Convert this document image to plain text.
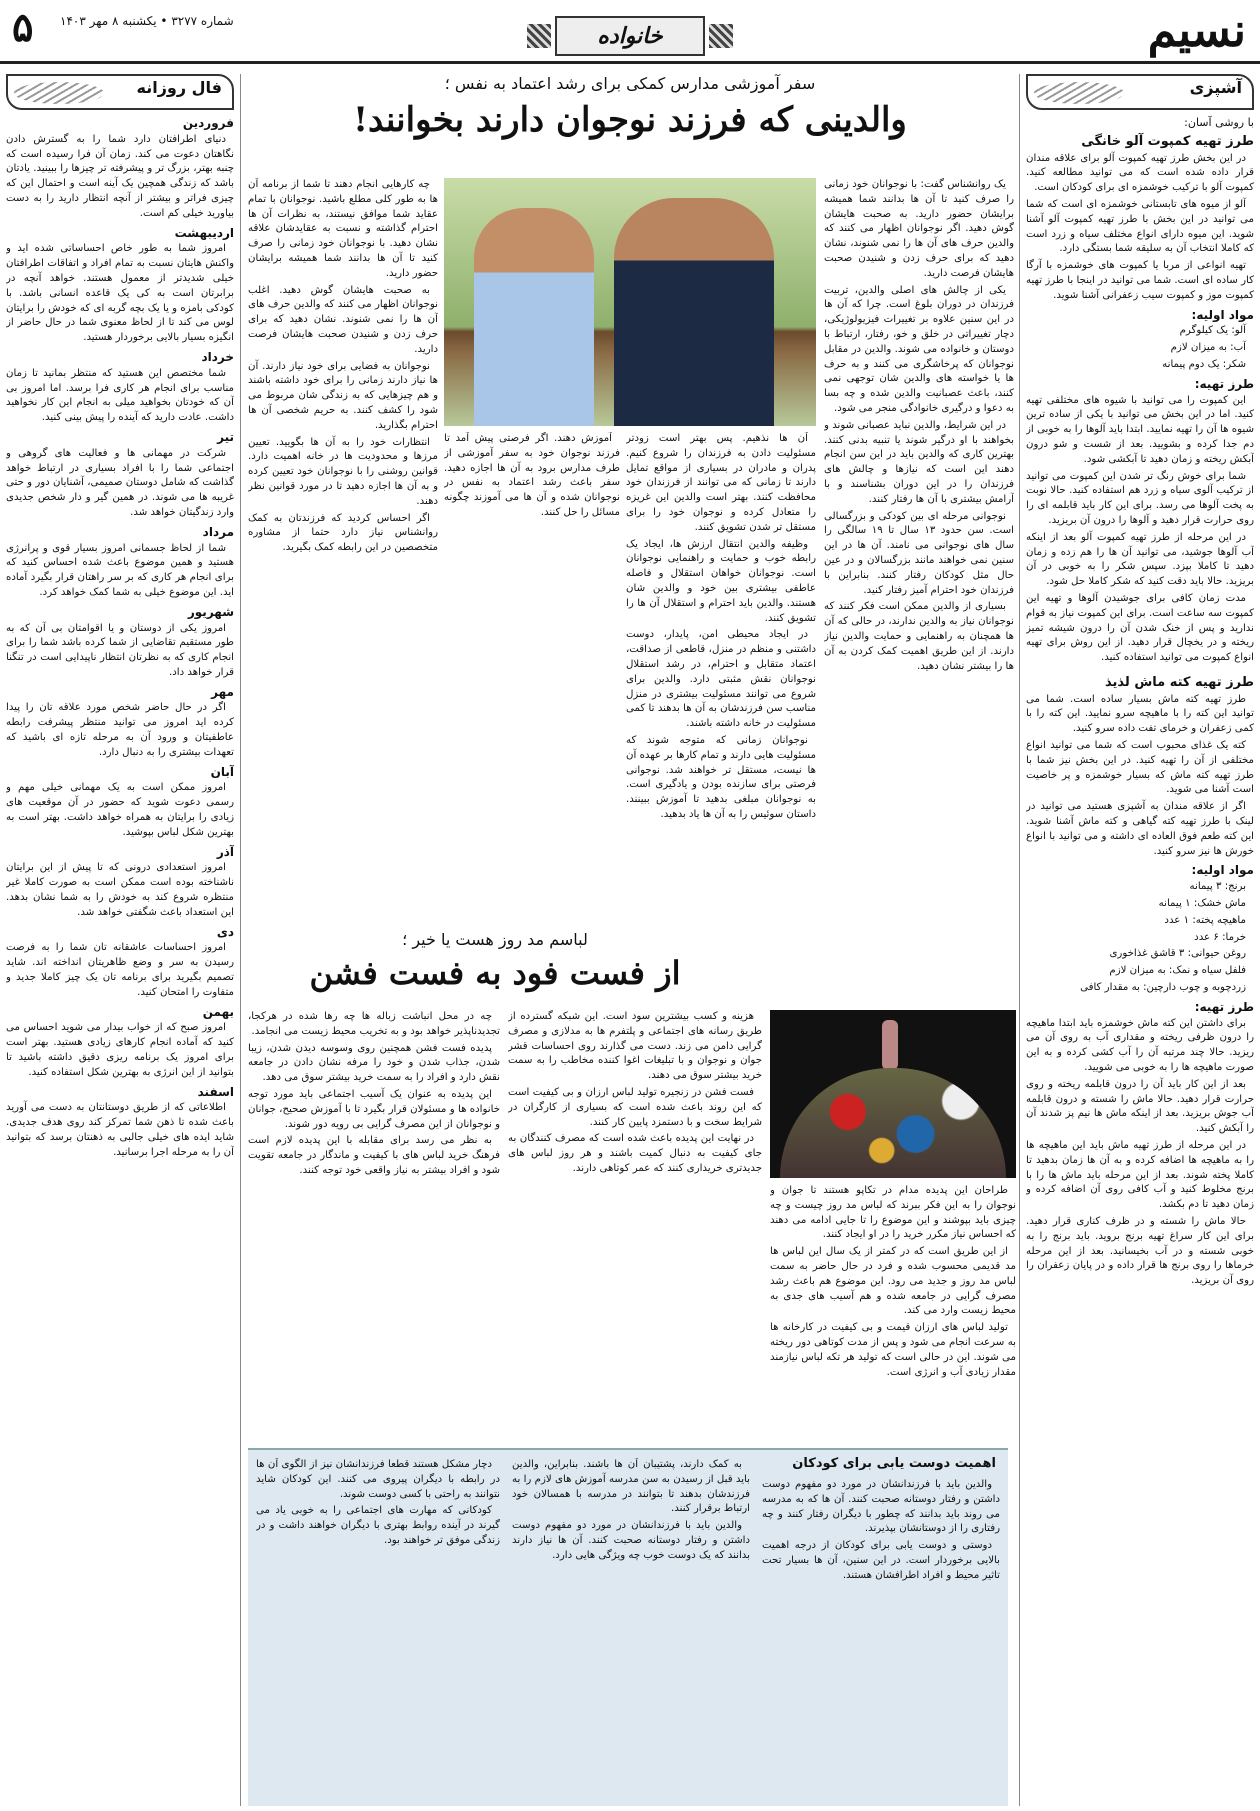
نسیم
خانواده
شماره ۳۲۷۷ • یکشنبه ۸ مهر ۱۴۰۳
۵
آشپزی

با روشی آسان:

طرز تهیه کمپوت آلو خانگی

در این بخش طرز تهیه کمپوت آلو برای علاقه مندان قرار داده شده است که می توانید مطالعه کنید. کمپوت آلو با ترکیب خوشمزه ای برای کودکان است.

آلو از میوه های تابستانی خوشمزه ای است که شما می توانید در این بخش با طرز تهیه کمپوت آلو آشنا شوید. این میوه دارای انواع مختلف سیاه و زرد است که کاملا انتخاب آن به سلیقه شما بستگی دارد.

تهیه انواعی از مربا یا کمپوت های خوشمزه با آرگا کار ساده ای است. شما می توانید در اینجا با طرز تهیه کمپوت موز و کمپوت سیب زعفرانی آشنا شوید.

مواد اولیه:

آلو: یک کیلوگرم

آب: به میزان لازم

شکر: یک دوم پیمانه

طرز تهیه:

این کمپوت را می توانید با شیوه های مختلفی تهیه کنید. اما در این بخش می توانید با یکی از ساده ترین شیوه ها آن را تهیه نمایید. ابتدا باید آلوها را به خوبی از دم جدا کرده و بشویید. بعد از شست و شو درون آبکش ریخته و زمان دهید تا آبکشی شود.

شما برای خوش رنگ تر شدن این کمپوت می توانید از ترکیب آلوی سیاه و زرد هم استفاده کنید. حالا نوبت به پخت آلوها می رسد. برای این کار باید قابلمه ای را روی حرارت قرار دهید و آلوها را درون آن بریزید.

در این مرحله از طرز تهیه کمپوت آلو بعد از اینکه آب آلوها جوشید، می توانید آن ها را هم زده و زمان دهید تا کاملا بپزد. سپس شکر را به خوبی در آن بریزید. حالا باید دقت کنید که شکر کاملا حل شود.

مدت زمان کافی برای جوشیدن آلوها و تهیه این کمپوت سه ساعت است. برای این کمپوت نیاز به قوام ندارید و پس از خنک شدن آن را درون شیشه تمیز ریخته و در یخچال قرار دهید. از این روش برای تهیه انواع کمپوت می توانید استفاده کنید.

طرز تهیه کته ماش لذیذ

طرز تهیه کته ماش بسیار ساده است. شما می توانید این کته را با ماهیچه سرو نمایید. این کته را با کمی زعفران و خرمای تفت داده سرو کنید.

کته یک غذای محبوب است که شما می توانید انواع مختلفی از آن را تهیه کنید. در این بخش نیز شما با طرز تهیه کته ماش که بسیار خوشمزه و پر خاصیت است آشنا می شوید.

اگر از علاقه مندان به آشپزی هستید می توانید در لینک با طرز تهیه کته گیاهی و کته ماش آشنا شوید. این کته طعم فوق العاده ای داشته و می توانید با انواع خورش ها نیز سرو کنید.

مواد اولیه:

برنج: ۳ پیمانه

ماش خشک: ۱ پیمانه

ماهیچه پخته: ۱ عدد

خرما: ۶ عدد

روغن حیوانی: ۳ قاشق غذاخوری

فلفل سیاه و نمک: به میزان لازم

زردچوبه و چوب دارچین: به مقدار کافی

طرز تهیه:

برای داشتن این کته ماش خوشمزه باید ابتدا ماهیچه را درون ظرفی ریخته و مقداری آب به روی آن می ریزید. حالا چند مرتبه آن را آب کشی کرده و به این صورت ماهیچه ها را به خوبی می شویید.

بعد از این کار باید آن را درون قابلمه ریخته و روی حرارت قرار دهید. حالا ماش را شسته و درون قابلمه آب جوش بریزید. بعد از اینکه ماش ها نیم پز شدند آن را آبکش کنید.

در این مرحله از طرز تهیه ماش باید این ماهیچه ها را به ماهیچه ها اضافه کرده و به آن ها زمان بدهید تا کاملا پخته شوند. بعد از این مرحله باید ماش ها را با برنج مخلوط کنید و آب کافی روی آن اضافه کرده و زمان دهید تا دم بکشد.

حالا ماش را شسته و در ظرف کناری قرار دهید. برای این کار سراغ تهیه برنج بروید. باید برنج را به خوبی شسته و در آب بخیسانید. بعد از این مرحله خرماها را روی برنج ها قرار داده و در پایان زعفران را روی آن بریزید.

فال روزانه

فروردین

دنیای اطرافتان دارد شما را به گسترش دادن نگاهتان دعوت می کند. زمان آن فرا رسیده است که چنبه بهتر، بزرگ تر و پیشرفته تر چیزها را ببینید. یادتان باشد که زندگی همچین یک آینه است و احتمال این که چیزی فراتر و بیشتر از آنچه انتظار دارید را به دست بیاورید خیلی کم است.

اردیبهشت

امروز شما به طور خاص احساساتی شده اید و واکنش هایتان نسبت به تمام افراد و اتفاقات اطرافتان خیلی شدیدتر از معمول هستند. خواهد آنچه در برابرتان است به کی یک قاعده انسانی باشد. با کودکی بامزه و یا یک بچه گربه ای که خودش را برایتان لوس می کند تا از لحاظ معنوی شما در حال حاضر از انگیزه بسیار بالایی برخوردار هستید.

خرداد

شما مختصص این هستید که منتظر بمانید تا زمان مناسب برای انجام هر کاری فرا برسد. اما امروز بی آن که خودتان بخواهید میلی به انجام این کار نخواهید داشت. عادت دارید که آینده را پیش بینی کنید.

تیر

شرکت در مهمانی ها و فعالیت های گروهی و اجتماعی شما را با افراد بسیاری در ارتباط خواهد گذاشت که شامل دوستان صمیمی، آشنایان دور و حتی غریبه ها می شوند. در همین گیر و دار شخص جدیدی وارد زندگیتان خواهد شد.

مرداد

شما از لحاظ جسمانی امروز بسیار قوی و پرانرژی هستید و همین موضوع باعث شده احساس کنید که برای انجام هر کاری که بر سر راهتان قرار بگیرد آماده اید. این موضوع خیلی به شما کمک خواهد کرد.

شهریور

امروز یکی از دوستان و یا اقوامتان بی آن که به طور مستقیم تقاضایی از شما کرده باشد شما را برای انجام کاری که به نظرتان انتظار ناپیدایی است در تنگنا قرار خواهد داد.

مهر

اگر در حال حاضر شخص مورد علاقه تان را پیدا کرده اید امروز می توانید منتظر پیشرفت رابطه عاطفیتان و ورود آن به مرحله تازه ای باشید که تعهدات بیشتری را به دنبال دارد.

آبان

امروز ممکن است به یک مهمانی خیلی مهم و رسمی دعوت شوید که حضور در آن موقعیت های زیادی را برایتان به همراه خواهد داشت. بهتر است به بهترین شکل لباس بپوشید.

آذر

امروز استعدادی درونی که تا پیش از این برایتان ناشناخته بوده است ممکن است به صورت کاملا غیر منتظره شروع کند به خودش را به شما نشان بدهد. این استعداد باعث شگفتی خواهد شد.

دی

امروز احساسات عاشقانه تان شما را به فرصت رسیدن به سر و وضع ظاهریتان انداخته اند. شاید تصمیم بگیرید برای برنامه تان یک چیز کاملا جدید و متفاوت را امتحان کنید.

بهمن

امروز صبح که از خواب بیدار می شوید احساس می کنید که آماده انجام کارهای زیادی هستید. بهتر است برای امروز یک برنامه ریزی دقیق داشته باشید تا بتوانید از این انرژی به بهترین شکل استفاده کنید.

اسفند

اطلاعاتی که از طریق دوستانتان به دست می آورید باعث شده تا ذهن شما تمرکز کند روی هدف جدیدی. شاید ایده های خیلی جالبی به ذهنتان برسد که بتوانید آن را به مرحله اجرا برسانید.

سفر آموزشی مدارس کمکی برای رشد اعتماد به نفس ؛
والدینی که فرزند نوجوان دارند بخوانند!

یک روانشناس گفت: با نوجوانان خود زمانی را صرف کنید تا آن ها بدانند شما همیشه برایشان حضور دارید. به صحبت هایشان گوش دهید. اگر نوجوانان اظهار می کنند که والدین حرف های آن ها را نمی شنوند، نشان دهید که برای حرف زدن و شنیدن صحبت هایشان فرصت دارید.

یکی از چالش های اصلی والدین، تربیت فرزندان در دوران بلوغ است. چرا که آن ها در این سنین علاوه بر تغییرات فیزیولوژیکی، دچار تغییراتی در خلق و خو، رفتار، ارتباط با دوستان و خانواده می شوند. والدین در مقابل نوجوانان که پرخاشگری می کنند و به حرف ها یا خواسته های والدین شان توجهی نمی کنند، باعث عصبانیت والدین شده و چه بسا به دعوا و درگیری خانوادگی منجر می شود.

در این شرایط، والدین نباید عصبانی شوند و بخواهند با او درگیر شوند یا تنبیه بدنی کنند. بهترین کاری که والدین باید در این سن انجام دهند این است که نیازها و چالش های فرزندان را در این دوران بشناسند و با آرامش بیشتری با آن ها رفتار کنند.

نوجوانی مرحله ای بین کودکی و بزرگسالی است. سن حدود ۱۳ سال تا ۱۹ سالگی را سال های نوجوانی می نامند. آن ها در این سنین نمی خواهند مانند بزرگسالان و در عین حال مثل کودکان رفتار کنند. بنابراین با فرزندان خود احترام آمیز رفتار کنید.

بسیاری از والدین ممکن است فکر کنند که نوجوانان نیاز به والدین ندارند، در حالی که آن ها همچنان به راهنمایی و حمایت والدین نیاز دارند. از این طریق اهمیت کمک کردن به آن ها را بیشتر نشان دهید.

آن ها نذهیم. پس بهتر است زودتر مسئولیت دادن به فرزندان را شروع کنیم. پدران و مادران در بسیاری از مواقع تمایل دارند تا زمانی که می توانند از فرزندان خود محافظت کنند. بهتر است والدین این غریزه را متعادل کرده و نوجوان خود را برای مستقل تر شدن تشویق کنند.

وظیفه والدین انتقال ارزش ها، ایجاد یک رابطه خوب و حمایت و راهنمایی نوجوانان است. نوجوانان خواهان استقلال و فاصله عاطفی بیشتری بین خود و والدین شان هستند. والدین باید احترام و استقلال آن ها را تشویق کنند.

در ایجاد محیطی امن، پایدار، دوست داشتنی و منظم در منزل، قاطعی از صداقت، اعتماد متقابل و احترام، در رشد استقلال نوجوانان نقش مثبتی دارد. والدین برای شروع می توانند مسئولیت بیشتری در منزل مناسب سن فرزندشان به آن ها بدهند تا کمی مسئولیت در خانه داشته باشند.

نوجوانان زمانی که متوجه شوند که مسئولیت هایی دارند و تمام کارها بر عهده آن ها نیست، مستقل تر خواهند شد. نوجوانی فرصتی برای سازنده بودن و یادگیری است. به نوجوانان مبلغی بدهید تا آموزش ببینند. داستان سوئیس را به آن ها یاد بدهید.

آموزش دهند. اگر فرصتی پیش آمد تا فرزند نوجوان خود به سفر آموزشی از طرف مدارس برود به آن ها اجازه دهید. سفر باعث رشد اعتماد به نفس در نوجوانان شده و آن ها می آموزند چگونه مسائل را حل کنند.

چه کارهایی انجام دهند تا شما از برنامه آن ها به طور کلی مطلع باشید. نوجوانان با تمام عقاید شما موافق نیستند، به نظرات آن ها احترام گذاشته و نسبت به عقایدشان علاقه نشان دهید. با نوجوانان خود زمانی را صرف کنید تا آن ها بدانند شما همیشه برایشان حضور دارید.

به صحبت هایشان گوش دهید. اغلب نوجوانان اظهار می کنند که والدین حرف های آن ها را نمی شنوند. نشان دهید که برای حرف زدن و شنیدن صحبت هایشان فرصت دارید.

نوجوانان به فضایی برای خود نیاز دارند. آن ها نیاز دارند زمانی را برای خود داشته باشند و هم چیزهایی که به زندگی شان مربوط می شود را کشف کنند. به حریم شخصی آن ها احترام بگذارید.

انتظارات خود را به آن ها بگویید. تعیین مرزها و محدودیت ها در خانه اهمیت دارد. قوانین روشنی را با نوجوانان خود تعیین کرده و به آن ها اجازه دهید تا در مورد قوانین نظر دهند.

اگر احساس کردید که فرزندتان به کمک روانشناس نیاز دارد حتما از مشاوره متخصصین در این رابطه کمک بگیرید.

لباسم مد روز هست یا خیر ؛
از فست فود به فست فشن

طراحان این پدیده مدام در تکاپو هستند تا جوان و نوجوان را به این فکر ببرند که لباس مد روز چیست و چه چیزی باید بپوشند و این موضوع را تا جایی ادامه می دهند که احساس نیاز مکرر خرید را در او ایجاد کنند.

از این طریق است که در کمتر از یک سال این لباس ها مد قدیمی محسوب شده و فرد در حال حاضر به سمت لباس مد روز و جدید می رود. این موضوع هم باعث رشد مصرف گرایی در جامعه شده و هم آسیب های جدی به محیط زیست وارد می کند.

تولید لباس های ارزان قیمت و بی کیفیت در کارخانه ها به سرعت انجام می شود و پس از مدت کوتاهی دور ریخته می شوند. این در حالی است که تولید هر تکه لباس نیازمند مقدار زیادی آب و انرژی است.

هزینه و کسب بیشترین سود است. این شبکه گسترده از طریق رسانه های اجتماعی و پلتفرم ها به مدلازی و مصرف گرایی دامن می زند. دست می گذارند روی احساسات قشر جوان و نوجوان و با تبلیغات اغوا کننده مخاطب را به سمت خرید بیشتر سوق می دهند.

فست فشن در زنجیره تولید لباس ارزان و بی کیفیت است که این روند باعث شده است که بسیاری از کارگران در شرایط سخت و با دستمزد پایین کار کنند.

در نهایت این پدیده باعث شده است که مصرف کنندگان به جای کیفیت به دنبال کمیت باشند و هر روز لباس های جدیدتری خریداری کنند که عمر کوتاهی دارند.

چه در محل انباشت زباله ها چه رها شده در هرکجا، تجدیدناپذیر خواهد بود و به تخریب محیط زیست می انجامد.

پدیده فست فشن همچنین روی وسوسه دیدن شدن، زیبا شدن، جذاب شدن و خود را مرفه نشان دادن در جامعه نقش دارد و افراد را به سمت خرید بیشتر سوق می دهد.

این پدیده به عنوان یک آسیب اجتماعی باید مورد توجه خانواده ها و مسئولان قرار بگیرد تا با آموزش صحیح، جوانان و نوجوانان از این مصرف گرایی بی رویه دور شوند.

به نظر می رسد برای مقابله با این پدیده لازم است فرهنگ خرید لباس های با کیفیت و ماندگار در جامعه تقویت شود و افراد بیشتر به نیاز واقعی خود توجه کنند.

اهمیت دوست یابی برای کودکان

والدین باید با فرزندانشان در مورد دو مفهوم دوست داشتن و رفتار دوستانه صحبت کنند. آن ها که به مدرسه می روند باید بدانند که چطور با دیگران رفتار کنند و چه رفتاری را از دوستانشان بپذیرند.

دوستی و دوست یابی برای کودکان از درجه اهمیت بالایی برخوردار است. در این سنین، آن ها بسیار تحت تاثیر محیط و افراد اطرافشان هستند.

به کمک دارند، پشتیبان آن ها باشند. بنابراین، والدین باید قبل از رسیدن به سن مدرسه آموزش های لازم را به فرزندشان بدهند تا بتوانند در مدرسه با همسالان خود ارتباط برقرار کنند.

والدین باید با فرزندانشان در مورد دو مفهوم دوست داشتن و رفتار دوستانه صحبت کنند. آن ها نیاز دارند بدانند که یک دوست خوب چه ویژگی هایی دارد.

دچار مشکل هستند قطعا فرزندانشان نیز از الگوی آن ها در رابطه با دیگران پیروی می کنند. این کودکان شاید نتوانند به راحتی با کسی دوست شوند.

کودکانی که مهارت های اجتماعی را به خوبی یاد می گیرند در آینده روابط بهتری با دیگران خواهند داشت و در زندگی موفق تر خواهند بود.
